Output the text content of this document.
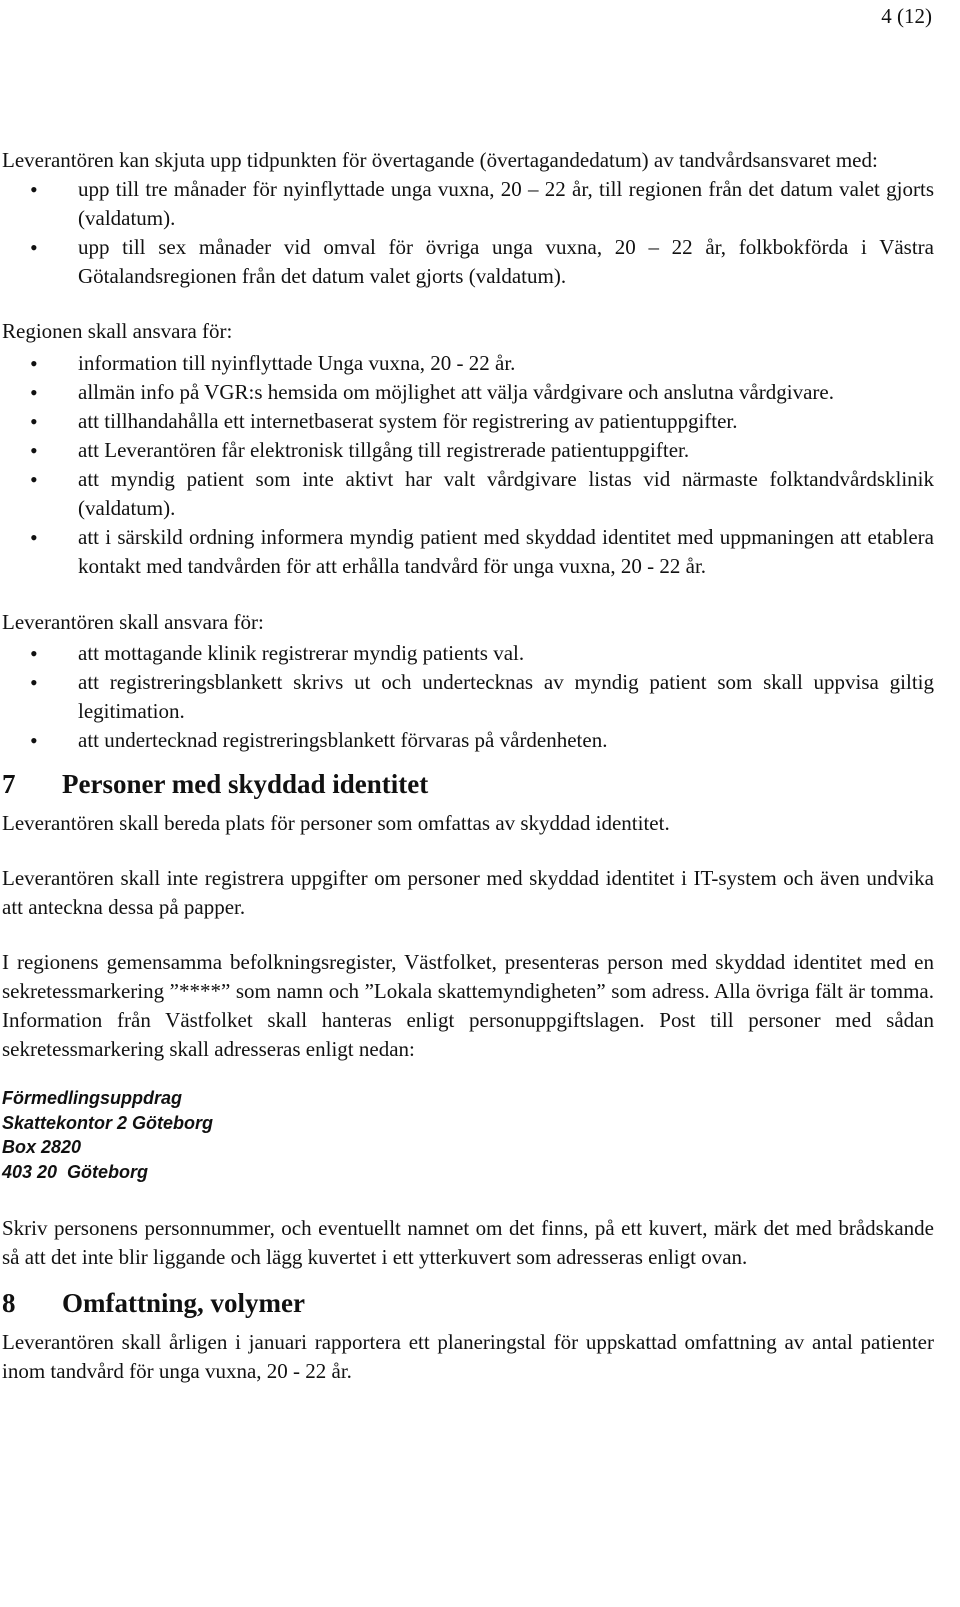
4 (12)

Leverantören kan skjuta upp tidpunkten för övertagande (övertagandedatum) av tandvårdsansvaret med:

• upp till tre månader för nyinflyttade unga vuxna, 20 – 22 år, till regionen från det datum valet gjorts (valdatum).
• upp till sex månader vid omval för övriga unga vuxna, 20 – 22 år, folkbokförda i Västra Götalandsregionen från det datum valet gjorts (valdatum).

Regionen skall ansvara för:

• information till nyinflyttade Unga vuxna, 20 - 22 år.
• allmän info på VGR:s hemsida om möjlighet att välja vårdgivare och anslutna vårdgivare.
• att tillhandahålla ett internetbaserat system för registrering av patientuppgifter.
• att Leverantören får elektronisk tillgång till registrerade patientuppgifter.
• att myndig patient som inte aktivt har valt vårdgivare listas vid närmaste folktandvårdsklinik (valdatum).
• att i särskild ordning informera myndig patient med skyddad identitet med uppmaningen att etablera kontakt med tandvården för att erhålla tandvård för unga vuxna, 20 - 22 år.

Leverantören skall ansvara för:

• att mottagande klinik registrerar myndig patients val.
• att registreringsblankett skrivs ut och undertecknas av myndig patient som skall uppvisa giltig legitimation.
• att undertecknad registreringsblankett förvaras på vårdenheten.
7	Personer med skyddad identitet

Leverantören skall bereda plats för personer som omfattas av skyddad identitet.

Leverantören skall inte registrera uppgifter om personer med skyddad identitet i IT-system och även undvika att anteckna dessa på papper.

I regionens gemensamma befolkningsregister, Västfolket, presenteras person med skyddad identitet med en sekretessmarkering ”****” som namn och ”Lokala skattemyndigheten” som adress. Alla övriga fält är tomma. Information från Västfolket skall hanteras enligt personuppgiftslagen. Post till personer med sådan sekretessmarkering skall adresseras enligt nedan:

Förmedlingsuppdrag
Skattekontor 2 Göteborg
Box 2820
403 20  Göteborg

Skriv personens personnummer, och eventuellt namnet om det finns, på ett kuvert, märk det med brådskande så att det inte blir liggande och lägg kuvertet i ett ytterkuvert som adresseras enligt ovan.

8	Omfattning, volymer

Leverantören skall årligen i januari rapportera ett planeringstal för uppskattad omfattning av antal patienter inom tandvård för unga vuxna, 20 - 22 år.
